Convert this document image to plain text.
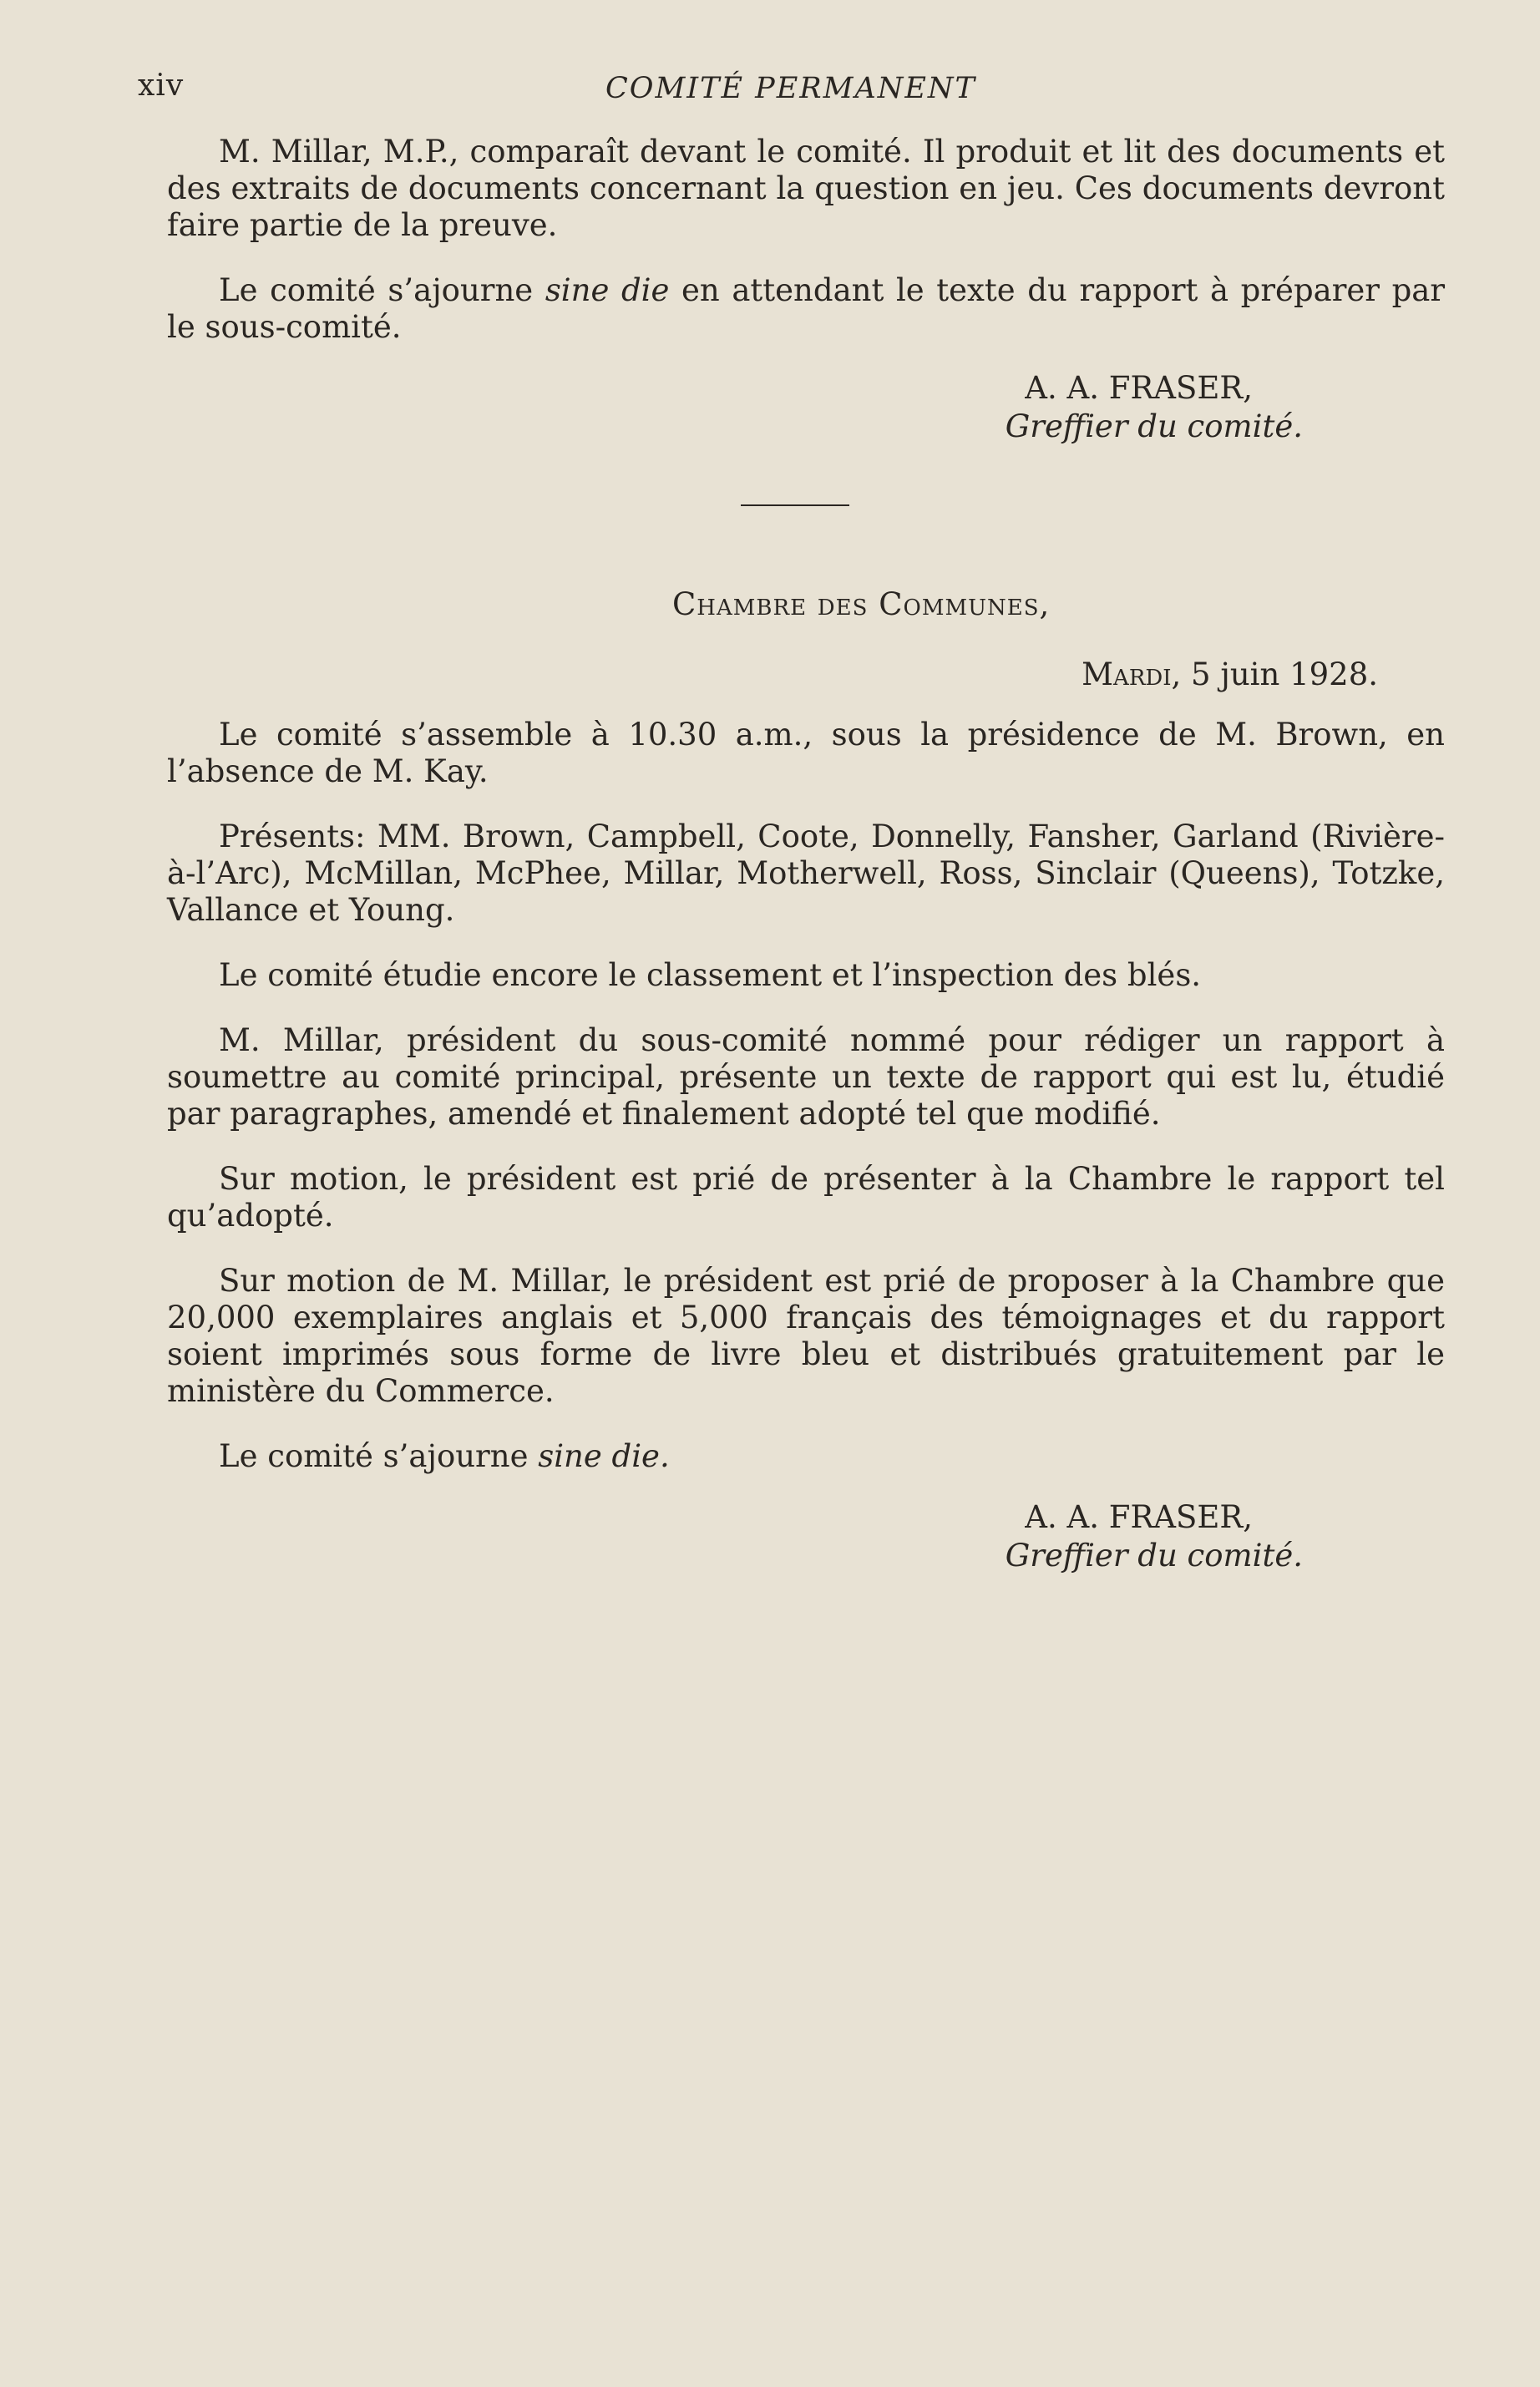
xiv	COMITÉ PERMANENT

M. Millar, M.P., comparaît devant le comité. Il produit et lit des documents et des extraits de documents concernant la question en jeu. Ces documents devront faire partie de la preuve.

Le comité s’ajourne sine die en attendant le texte du rapport à préparer par le sous-comité.

A. A. FRASER,
Greffier du comité.
Chambre des Communes,
Mardi, 5 juin 1928.

Le comité s’assemble à 10.30 a.m., sous la présidence de M. Brown, en l’absence de M. Kay.

Présents: MM. Brown, Campbell, Coote, Donnelly, Fansher, Garland (Rivière-à-l’Arc), McMillan, McPhee, Millar, Motherwell, Ross, Sinclair (Queens), Totzke, Vallance et Young.

Le comité étudie encore le classement et l’inspection des blés.

M. Millar, président du sous-comité nommé pour rédiger un rapport à soumettre au comité principal, présente un texte de rapport qui est lu, étudié par paragraphes, amendé et finalement adopté tel que modifié.

Sur motion, le président est prié de présenter à la Chambre le rapport tel qu’adopté.

Sur motion de M. Millar, le président est prié de proposer à la Chambre que 20,000 exemplaires anglais et 5,000 français des témoignages et du rapport soient imprimés sous forme de livre bleu et distribués gratuitement par le ministère du Commerce.

Le comité s’ajourne sine die.

A. A. FRASER,
Greffier du comité.
